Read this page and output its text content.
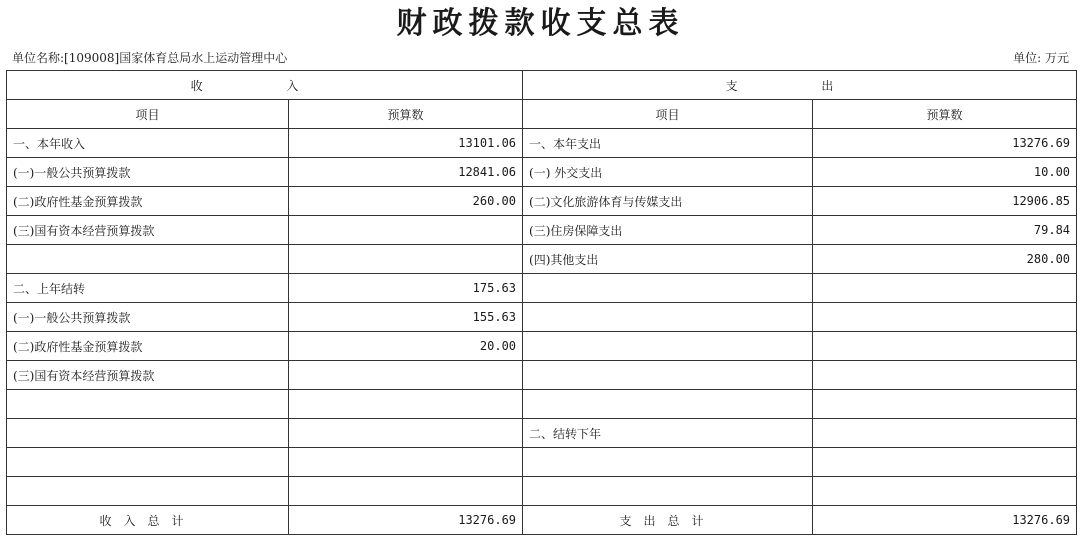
财政拨款收支总表
单位名称:[109008]国家体育总局水上运动管理中心	单位: 万元
收 入		支 出	
项目	预算数	项目	预算数
一、本年收入	13101.06	一、本年支出	13276.69
(一)一般公共预算拨款	12841.06	(一) 外交支出	10.00
(二)政府性基金预算拨款	260.00	(二)文化旅游体育与传媒支出	12906.85
(三)国有资本经营预算拨款		(三)住房保障支出	79.84
		(四)其他支出	280.00
二、上年结转	175.63		
(一)一般公共预算拨款	155.63		
(二)政府性基金预算拨款	20.00		
(三)国有资本经营预算拨款			

		二、结转下年	

收入总计	13276.69	支出总计	13276.69
